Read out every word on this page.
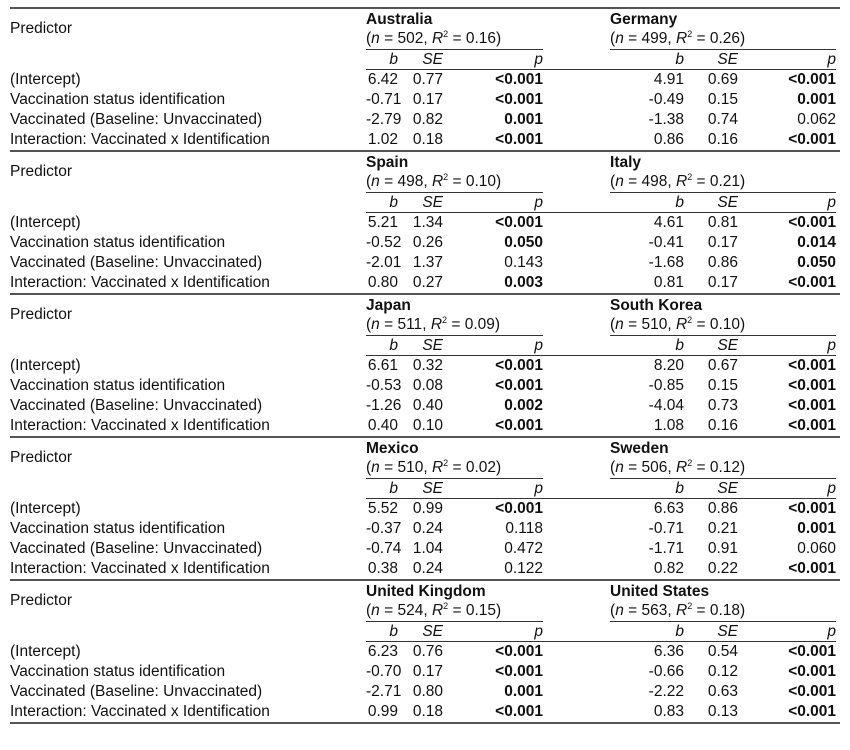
Predictor	Australia				Germany			
	(n = 502, $R^2 = 0.16$)				(n = 499, $R^2 = 0.26$)			
	b	SE	p		b	SE	p	
(Intercept)	6.42	0.77	<0.001		4.91	0.69	<0.001	
Vaccination status identification	-0.71	0.17	<0.001		-0.49	0.15	0.001	
Vaccinated (Baseline: Unvaccinated)	-2.79	0.82	0.001		-1.38	0.74	0.062	
Interaction: Vaccinated x Identification	1.02	0.18	<0.001		0.86	0.16	<0.001	
Predictor	Spain				Italy			
	(n = 498, $R^2 = 0.10$)				(n = 498, $R^2 = 0.21$)			
	b	SE	p		b	SE	p	
(Intercept)	5.21	1.34	<0.001		4.61	0.81	<0.001	
Vaccination status identification	-0.52	0.26	0.050		-0.41	0.17	0.014	
Vaccinated (Baseline: Unvaccinated)	-2.01	1.37	0.143		-1.68	0.86	0.050	
Interaction: Vaccinated x Identification	0.80	0.27	0.003		0.81	0.17	<0.001	
Predictor	Japan				South Korea			
	(n = 511, $R^2 = 0.09$)				(n = 510, $R^2 = 0.10$)			
	b	SE	p		b	SE	p	
(Intercept)	6.61	0.32	<0.001		8.20	0.67	<0.001	
Vaccination status identification	-0.53	0.08	<0.001		-0.85	0.15	<0.001	
Vaccinated (Baseline: Unvaccinated)	-1.26	0.40	0.002		-4.04	0.73	<0.001	
Interaction: Vaccinated x Identification	0.40	0.10	<0.001		1.08	0.16	<0.001	
Predictor	Mexico				Sweden			
	(n = 510, $R^2 = 0.02$)				(n = 506, $R^2 = 0.12$)			
	b	SE	p		b	SE	p	
(Intercept)	5.52	0.99	<0.001		6.63	0.86	<0.001	
Vaccination status identification	-0.37	0.24	0.118		-0.71	0.21	0.001	
Vaccinated (Baseline: Unvaccinated)	-0.74	1.04	0.472		-1.71	0.91	0.060	
Interaction: Vaccinated x Identification	0.38	0.24	0.122		0.82	0.22	<0.001	
Predictor	United Kingdom				United States			
	(n = 524, $R^2 = 0.15$)				(n = 563, $R^2 = 0.18$)			
	b	SE	p		b	SE	p	
(Intercept)	6.23	0.76	<0.001		6.36	0.54	<0.001	
Vaccination status identification	-0.70	0.17	<0.001		-0.66	0.12	<0.001	
Vaccinated (Baseline: Unvaccinated)	-2.71	0.80	0.001		-2.22	0.63	<0.001	
Interaction: Vaccinated x Identification	0.99	0.18	<0.001		0.83	0.13	<0.001	
